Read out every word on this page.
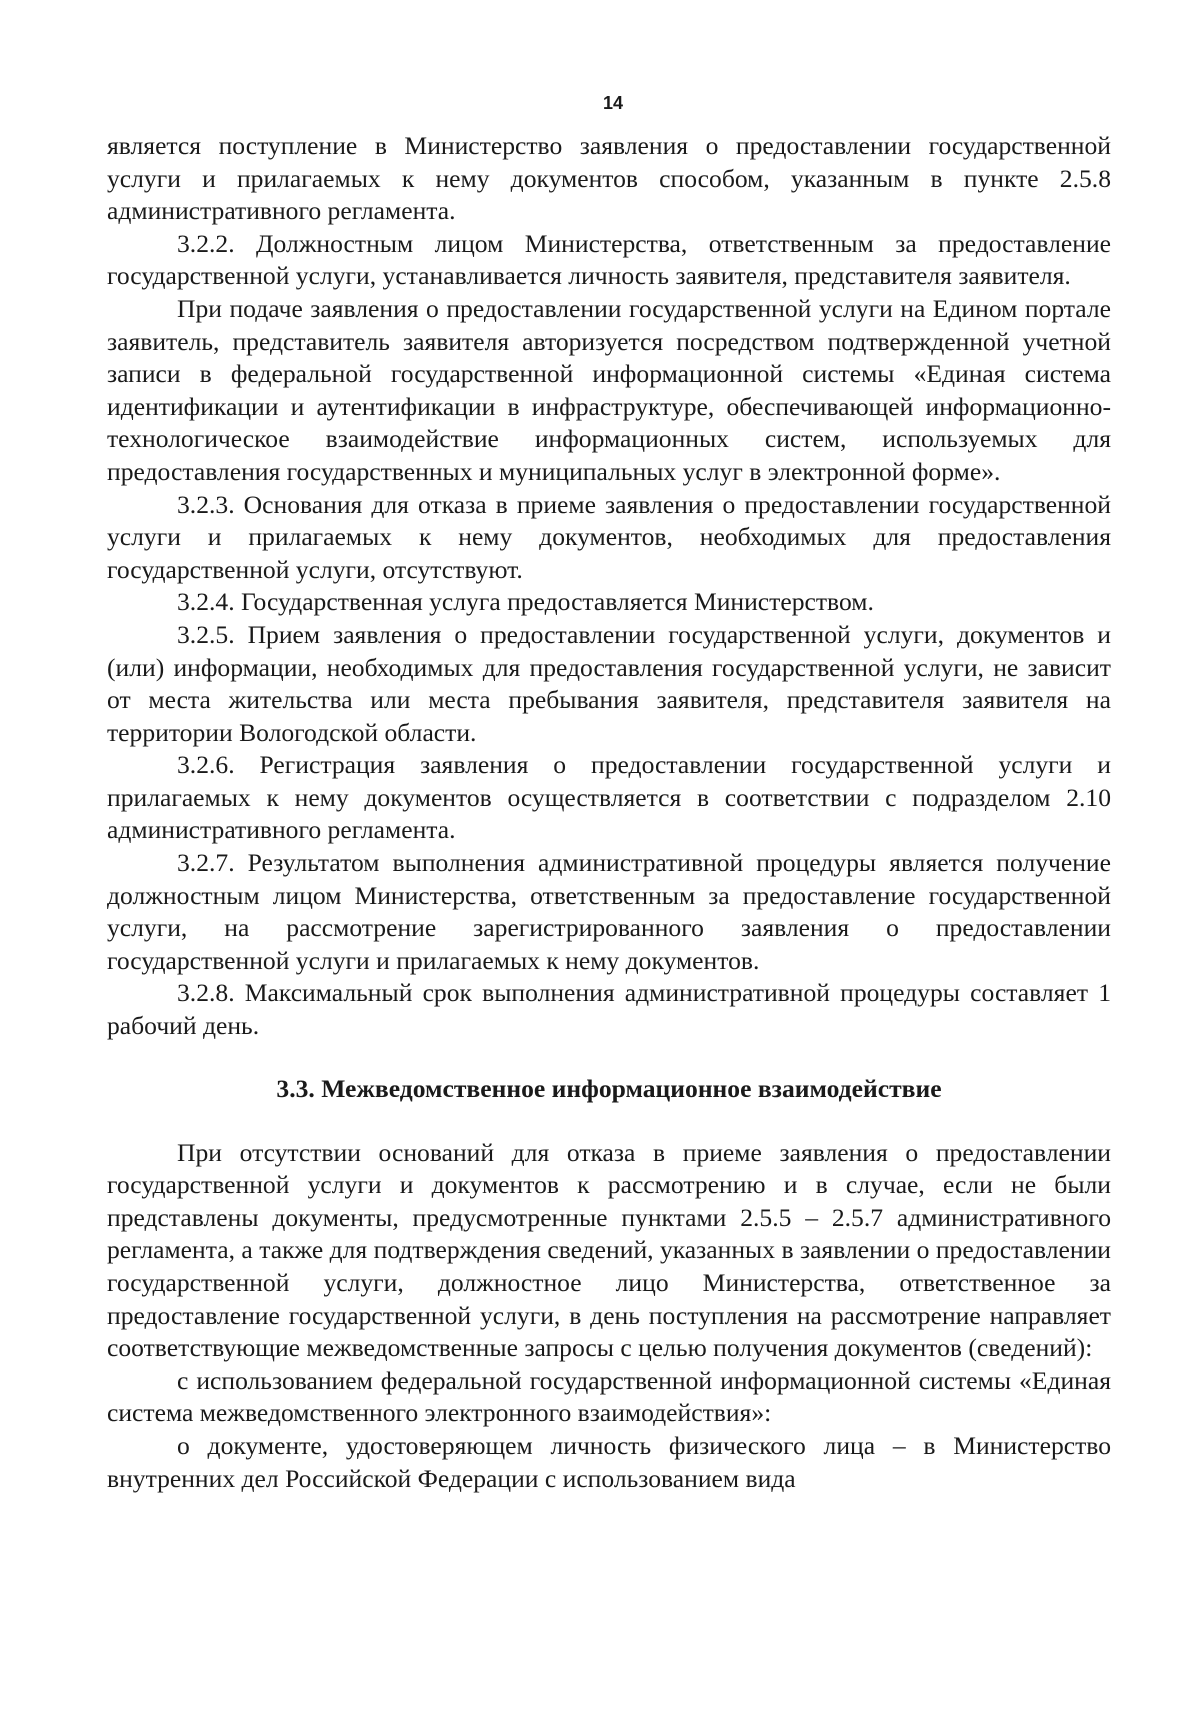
14

является поступление в Министерство заявления о предоставлении государственной услуги и прилагаемых к нему документов способом, указанным в пункте 2.5.8 административного регламента.

3.2.2. Должностным лицом Министерства, ответственным за предоставление государственной услуги, устанавливается личность заявителя, представителя заявителя.

При подаче заявления о предоставлении государственной услуги на Едином портале заявитель, представитель заявителя авторизуется посредством подтвержденной учетной записи в федеральной государственной информационной системы «Единая система идентификации и аутентификации в инфраструктуре, обеспечивающей информационно-технологическое взаимодействие информационных систем, используемых для предоставления государственных и муниципальных услуг в электронной форме».

3.2.3. Основания для отказа в приеме заявления о предоставлении государственной услуги и прилагаемых к нему документов, необходимых для предоставления государственной услуги, отсутствуют.

3.2.4. Государственная услуга предоставляется Министерством.

3.2.5. Прием заявления о предоставлении государственной услуги, документов и (или) информации, необходимых для предоставления государственной услуги, не зависит от места жительства или места пребывания заявителя, представителя заявителя на территории Вологодской области.

3.2.6. Регистрация заявления о предоставлении государственной услуги и прилагаемых к нему документов осуществляется в соответствии с подразделом 2.10 административного регламента.

3.2.7. Результатом выполнения административной процедуры является получение должностным лицом Министерства, ответственным за предоставление государственной услуги, на рассмотрение зарегистрированного заявления о предоставлении государственной услуги и прилагаемых к нему документов.

3.2.8. Максимальный срок выполнения административной процедуры составляет 1 рабочий день.

3.3. Межведомственное информационное взаимодействие

При отсутствии оснований для отказа в приеме заявления о предоставлении государственной услуги и документов к рассмотрению и в случае, если не были представлены документы, предусмотренные пунктами 2.5.5 – 2.5.7 административного регламента, а также для подтверждения сведений, указанных в заявлении о предоставлении государственной услуги, должностное лицо Министерства, ответственное за предоставление государственной услуги, в день поступления на рассмотрение направляет соответствующие межведомственные запросы с целью получения документов (сведений):

с использованием федеральной государственной информационной системы «Единая система межведомственного электронного взаимодействия»:

о документе, удостоверяющем личность физического лица – в Министерство внутренних дел Российской Федерации с использованием вида
